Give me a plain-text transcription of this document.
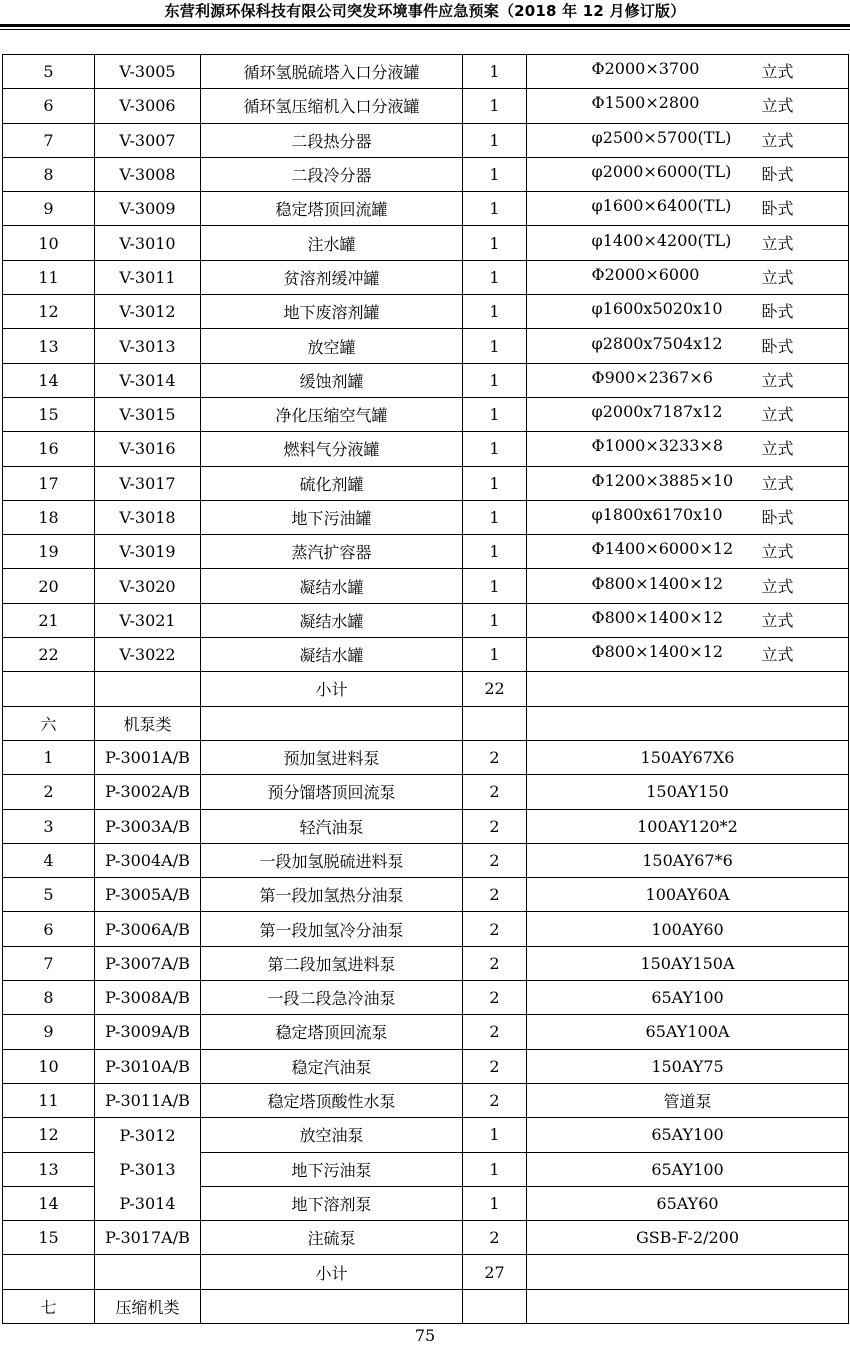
东营利源环保科技有限公司突发环境事件应急预案（2018 年 12 月修订版）
5	V-3005	循环氢脱硫塔入口分液罐	1	Φ2000×3700 立式

6	V-3006	循环氢压缩机入口分液罐	1	Φ1500×2800 立式

7	V-3007	二段热分器	1	φ2500×5700(TL) 立式

8	V-3008	二段冷分器	1	φ2000×6000(TL) 卧式

9	V-3009	稳定塔顶回流罐	1	φ1600×6400(TL) 卧式

10	V-3010	注水罐	1	φ1400×4200(TL) 立式

11	V-3011	贫溶剂缓冲罐	1	Φ2000×6000 立式

12	V-3012	地下废溶剂罐	1	φ1600x5020x10 卧式

13	V-3013	放空罐	1	φ2800x7504x12 卧式

14	V-3014	缓蚀剂罐	1	Φ900×2367×6 立式

15	V-3015	净化压缩空气罐	1	φ2000x7187x12 立式

16	V-3016	燃料气分液罐	1	Φ1000×3233×8 立式

17	V-3017	硫化剂罐	1	Φ1200×3885×10 立式

18	V-3018	地下污油罐	1	φ1800x6170x10 卧式

19	V-3019	蒸汽扩容器	1	Φ1400×6000×12 立式

20	V-3020	凝结水罐	1	Φ800×1400×12 立式

21	V-3021	凝结水罐	1	Φ800×1400×12 立式

22	V-3022	凝结水罐	1	Φ800×1400×12 立式

		小计	22	
六	机泵类			
1	P-3001A/B	预加氢进料泵	2	150AY67X6
2	P-3002A/B	预分馏塔顶回流泵	2	150AY150
3	P-3003A/B	轻汽油泵	2	100AY120*2
4	P-3004A/B	一段加氢脱硫进料泵	2	150AY67*6
5	P-3005A/B	第一段加氢热分油泵	2	100AY60A
6	P-3006A/B	第一段加氢冷分油泵	2	100AY60
7	P-3007A/B	第二段加氢进料泵	2	150AY150A
8	P-3008A/B	一段二段急冷油泵	2	65AY100
9	P-3009A/B	稳定塔顶回流泵	2	65AY100A
10	P-3010A/B	稳定汽油泵	2	150AY75
11	P-3011A/B	稳定塔顶酸性水泵	2	管道泵
12	P-3012	放空油泵	1	65AY100
13	P-3013	地下污油泵	1	65AY100
14	P-3014	地下溶剂泵	1	65AY60
15	P-3017A/B	注硫泵	2	GSB-F-2/200
		小计	27	
七	压缩机类			
75
